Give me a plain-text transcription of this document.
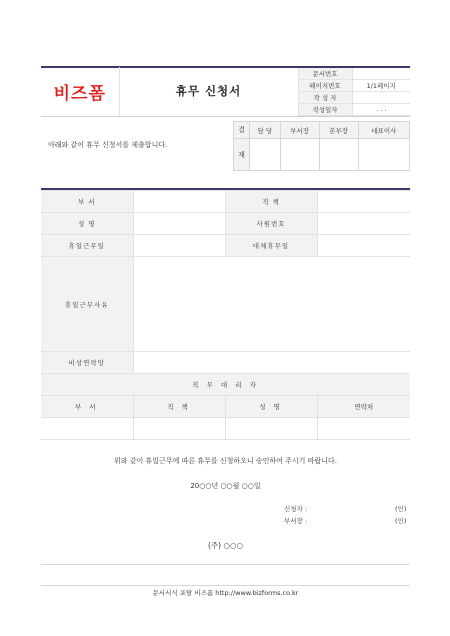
비즈폼	휴무 신청서	문서번호	
		페이지번호	1/1페이지
		작 성 자	
		작성일자	. . .
아래와 같이 휴무 신청서를 제출합니다.
결	담 당	부서장	본부장	대표이사
재				
부 서		직 책	
성 명		사원번호	
휴일근무일		대체휴무일	
휴일근무사유			
비상연락망			
직 무 대 리 자			
부 서	직 책	성 명	연락처

위와 같이 휴일근무에 따른 휴무를 신청하오니 승인하여 주시기 바랍니다.
20○○년 ○○월 ○○일
신청자 :	(인)
부서장 :	(인)
(주) ○○○
문서서식 포탈 비즈폼 http://www.bizforms.co.kr
